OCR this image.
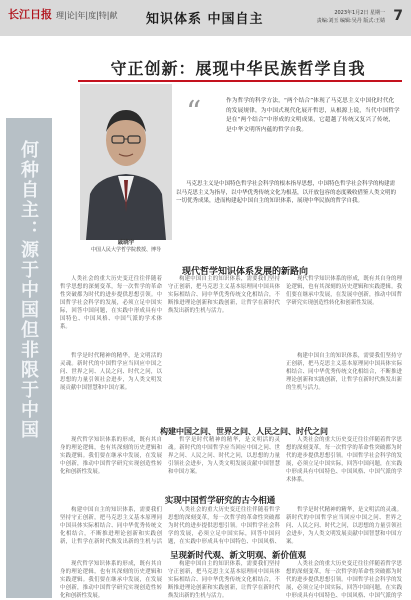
长江日报 理|论|年|度|特|献 知识体系 中国自主	2023年1月2日 星期一
责编:刘玉 编辑:吴丹 版式:王婧 7
何种自主：源于中国但非限于中国
守正创新：展现中华民族哲学自我
戚晓宇
中国人民大学哲学院教授、博导
“	作为哲学的科学方法，“两个结合”体现了马克思主义中国化时代化的发展规律，为中国式现代化展开哲思，从根源上说，当代中国哲学是在“两个结合”中形成的文明成果，它超越了传统又复兴了传统，是中华文明所内蕴的哲学自我。
马克思主义是中国特色哲学社会科学的根本指导思想，中国特色哲学社会科学的构建需以马克思主义为指导，以中华优秀传统文化为根基，以开放包容的态度吸收借鉴人类文明的一切优秀成果，进而构建起中国自主的知识体系，展现中华民族的哲学自我。
现代哲学知识体系发展的新路向
人类社会的重大历史变迁往往伴随着哲学思想的深刻变革，每一次哲学的革命性突破都为时代的进步提供思想引领。中国哲学社会科学的发展，必须立足中国实际，回答中国问题，在实践中形成具有中国特色、中国风格、中国气派的学术体系。
构建中国自主的知识体系，需要我们坚持守正创新，把马克思主义基本原理同中国具体实际相结合、同中华优秀传统文化相结合，不断推进理论创新和实践创新，让哲学在新时代焕发出新的生机与活力。
现代哲学知识体系的形成，既有其自身的理论逻辑，也有其深刻的历史逻辑和实践逻辑。我们要在继承中发展，在发展中创新，推动中国哲学研究实现创造性转化和创新性发展。
哲学是时代精神的精华，是文明活的灵魂。新时代的中国哲学应当回应中国之问、世界之问、人民之问、时代之问，以思想的力量引领社会进步，为人类文明发展贡献中国智慧和中国方案。
构建中国自主的知识体系，需要我们坚持守正创新，把马克思主义基本原理同中国具体实际相结合、同中华优秀传统文化相结合，不断推进理论创新和实践创新，让哲学在新时代焕发出新的生机与活力。
构建中国之问、世界之问、人民之问、时代之问
现代哲学知识体系的形成，既有其自身的理论逻辑，也有其深刻的历史逻辑和实践逻辑。我们要在继承中发展，在发展中创新，推动中国哲学研究实现创造性转化和创新性发展。
哲学是时代精神的精华，是文明活的灵魂。新时代的中国哲学应当回应中国之问、世界之问、人民之问、时代之问，以思想的力量引领社会进步，为人类文明发展贡献中国智慧和中国方案。
人类社会的重大历史变迁往往伴随着哲学思想的深刻变革，每一次哲学的革命性突破都为时代的进步提供思想引领。中国哲学社会科学的发展，必须立足中国实际，回答中国问题，在实践中形成具有中国特色、中国风格、中国气派的学术体系。
实现中国哲学研究的古今相通
构建中国自主的知识体系，需要我们坚持守正创新，把马克思主义基本原理同中国具体实际相结合、同中华优秀传统文化相结合，不断推进理论创新和实践创新，让哲学在新时代焕发出新的生机与活
人类社会的重大历史变迁往往伴随着哲学思想的深刻变革，每一次哲学的革命性突破都为时代的进步提供思想引领。中国哲学社会科学的发展，必须立足中国实际，回答中国问题，在实践中形成具有中国特色、中国风格、
哲学是时代精神的精华，是文明活的灵魂。新时代的中国哲学应当回应中国之问、世界之问、人民之问、时代之问，以思想的力量引领社会进步，为人类文明发展贡献中国智慧和中国方案。
呈现新时代观、新文明观、新价值观
现代哲学知识体系的形成，既有其自身的理论逻辑，也有其深刻的历史逻辑和实践逻辑。我们要在继承中发展，在发展中创新，推动中国哲学研究实现创造性转化和创新性发展。
构建中国自主的知识体系，需要我们坚持守正创新，把马克思主义基本原理同中国具体实际相结合、同中华优秀传统文化相结合，不断推进理论创新和实践创新，让哲学在新时代焕发出新的生机与活力。
人类社会的重大历史变迁往往伴随着哲学思想的深刻变革，每一次哲学的革命性突破都为时代的进步提供思想引领。中国哲学社会科学的发展，必须立足中国实际，回答中国问题，在实践中形成具有中国特色、中国风格、中国气派的学
